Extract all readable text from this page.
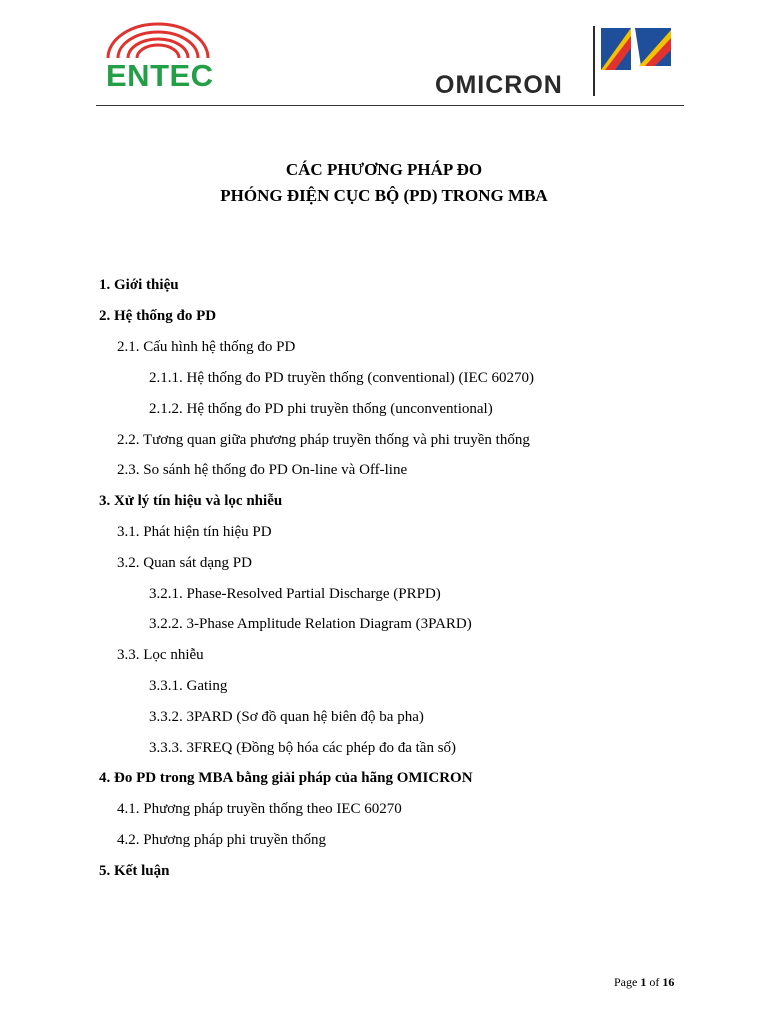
ENTEC	OMICRON
CÁC PHƯƠNG PHÁP ĐO
PHÓNG ĐIỆN CỤC BỘ (PD) TRONG MBA
1. Giới thiệu
2. Hệ thống đo PD
2.1. Cấu hình hệ thống đo PD
2.1.1. Hệ thống đo PD truyền thống (conventional) (IEC 60270)
2.1.2. Hệ thống đo PD phi truyền thống (unconventional)
2.2. Tương quan giữa phương pháp truyền thống và phi truyền thống
2.3. So sánh hệ thống đo PD On-line và Off-line
3. Xử lý tín hiệu và lọc nhiễu
3.1. Phát hiện tín hiệu PD
3.2. Quan sát dạng PD
3.2.1. Phase-Resolved Partial Discharge (PRPD)
3.2.2. 3-Phase Amplitude Relation Diagram (3PARD)
3.3. Lọc nhiễu
3.3.1. Gating
3.3.2. 3PARD (Sơ đồ quan hệ biên độ ba pha)
3.3.3. 3FREQ (Đồng bộ hóa các phép đo đa tần số)
4. Đo PD trong MBA bằng giải pháp của hãng OMICRON
4.1. Phương pháp truyền thống theo IEC 60270
4.2. Phương pháp phi truyền thống
5. Kết luận
Page 1 of 16
